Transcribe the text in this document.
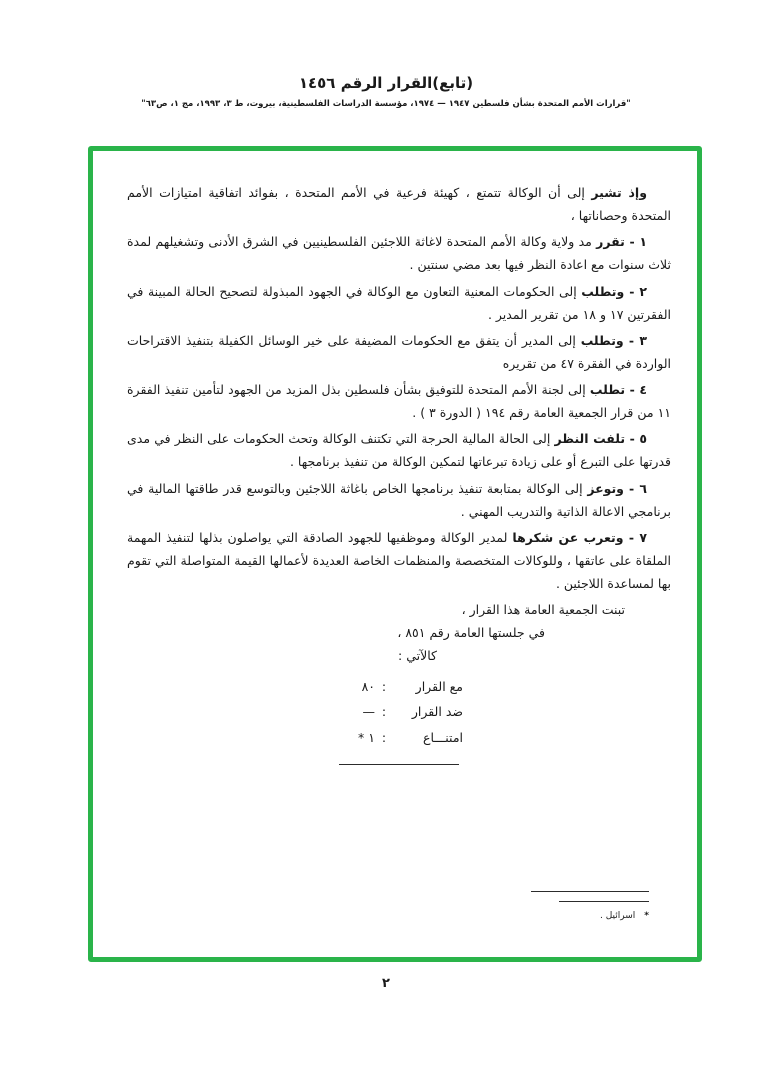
(تابع)القرار الرقم ١٤٥٦
"قرارات الأمم المتحدة بشأن فلسطين ١٩٤٧ — ١٩٧٤، مؤسسة الدراسات الفلسطينية، بيروت، ط ٣، ١٩٩٣، مج ١، ص٦٣"

وإذ تشير إلى أن الوكالة تتمتع ، كهيئة فرعية في الأمم المتحدة ، بفوائد اتفاقية امتيازات الأمم المتحدة وحصاناتها ،

١ - تقرر مد ولاية وكالة الأمم المتحدة لاغاثة اللاجئين الفلسطينيين في الشرق الأدنى وتشغيلهم لمدة ثلاث سنوات مع اعادة النظر فيها بعد مضي سنتين .

٢ - وتطلب إلى الحكومات المعنية التعاون مع الوكالة في الجهود المبذولة لتصحيح الحالة المبينة في الفقرتين ١٧ و ١٨ من تقرير المدير .

٣ - وتطلب إلى المدير أن يتفق مع الحكومات المضيفة على خير الوسائل الكفيلة بتنفيذ الاقتراحات الواردة في الفقرة ٤٧ من تقريره

٤ - تطلب إلى لجنة الأمم المتحدة للتوفيق بشأن فلسطين بذل المزيد من الجهود لتأمين تنفيذ الفقرة ١١ من قرار الجمعية العامة رقم ١٩٤ ( الدورة ٣ ) .

٥ - تلفت النظر إلى الحالة المالية الحرجة التي تكتنف الوكالة وتحث الحكومات على النظر في مدى قدرتها على التبرع أو على زيادة تبرعاتها لتمكين الوكالة من تنفيذ برنامجها .

٦ - وتوعز إلى الوكالة بمتابعة تنفيذ برنامجها الخاص باغاثة اللاجئين وبالتوسع قدر طاقتها المالية في برنامجي الاعالة الذاتية والتدريب المهني .

٧ - وتعرب عن شكرها لمدير الوكالة وموظفيها للجهود الصادقة التي يواصلون بذلها لتنفيذ المهمة الملقاة على عاتقها ، وللوكالات المتخصصة والمنظمات الخاصة العديدة لأعمالها القيمة المتواصلة التي تقوم بها لمساعدة اللاجئين .

تبنت الجمعية العامة هذا القرار ،

في جلستها العامة رقم ٨٥١ ،

كالآتي :

مع القرار
:
٨٠
ضد القرار
:
—
امتنـــاع
:
١ *
*
اسرائيل .
٢
